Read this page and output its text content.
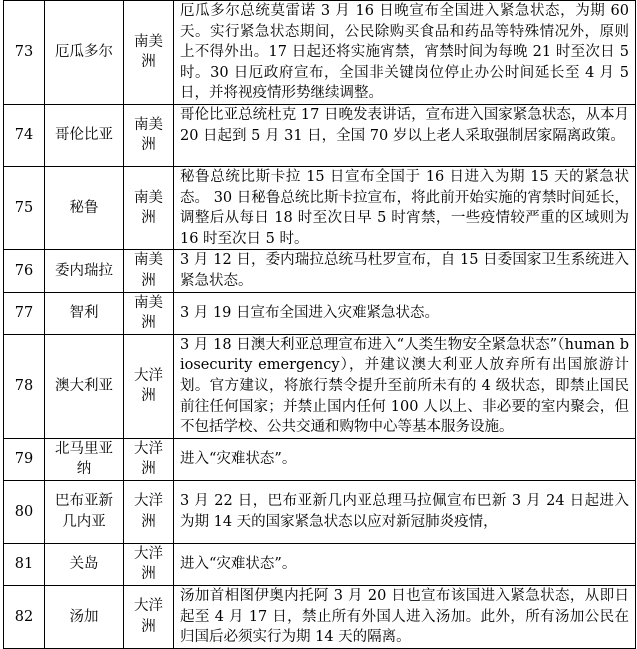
73	厄瓜多尔	南美洲	厄瓜多尔总统莫雷诺 3 月 16 日晚宣布全国进入紧急状态，为期 60 天。实行紧急状态期间，公民除购买食品和药品等特殊情况外，原则上不得外出。17 日起还将实施宵禁，宵禁时间为每晚 21 时至次日 5 时。30 日厄政府宣布，全国非关键岗位停止办公时间延长至 4 月 5 日，并将视疫情形势继续调整。
74	哥伦比亚	南美洲	哥伦比亚总统杜克 17 日晚发表讲话，宣布进入国家紧急状态，从本月 20 日起到 5 月 31 日，全国 70 岁以上老人采取强制居家隔离政策。
75	秘鲁	南美洲	秘鲁总统比斯卡拉 15 日宣布全国于 16 日进入为期 15 天的紧急状态。 30 日秘鲁总统比斯卡拉宣布，将此前开始实施的宵禁时间延长， 调整后从每日 18 时至次日早 5 时宵禁，一些疫情较严重的区域则为 16 时至次日 5 时。
76	委内瑞拉	南美洲	3 月 12 日，委内瑞拉总统马杜罗宣布，自 15 日委国家卫生系统进入紧急状态。
77	智利	南美洲	3 月 19 日宣布全国进入灾难紧急状态。
78	澳大利亚	大洋洲	3 月 18 日澳大利亚总理宣布进入“人类生物安全紧急状态”（human biosecurity emergency），并建议澳大利亚人放弃所有出国旅游计划。官方建议，将旅行禁令提升至前所未有的 4 级状态，即禁止国民前往任何国家；并禁止国内任何 100 人以上、非必要的室内聚会，但不包括学校、公共交通和购物中心等基本服务设施。
79	北马里亚纳	大洋洲	进入“灾难状态”。
80	巴布亚新几内亚	大洋洲	3 月 22 日，巴布亚新几内亚总理马拉佩宣布巴新 3 月 24 日起进入为期 14 天的国家紧急状态以应对新冠肺炎疫情，
81	关岛	大洋洲	进入“灾难状态”。
82	汤加	大洋洲	汤加首相图伊奥内托阿 3 月 20 日也宣布该国进入紧急状态，从即日起至 4 月 17 日，禁止所有外国人进入汤加。此外，所有汤加公民在归国后必须实行为期 14 天的隔离。
